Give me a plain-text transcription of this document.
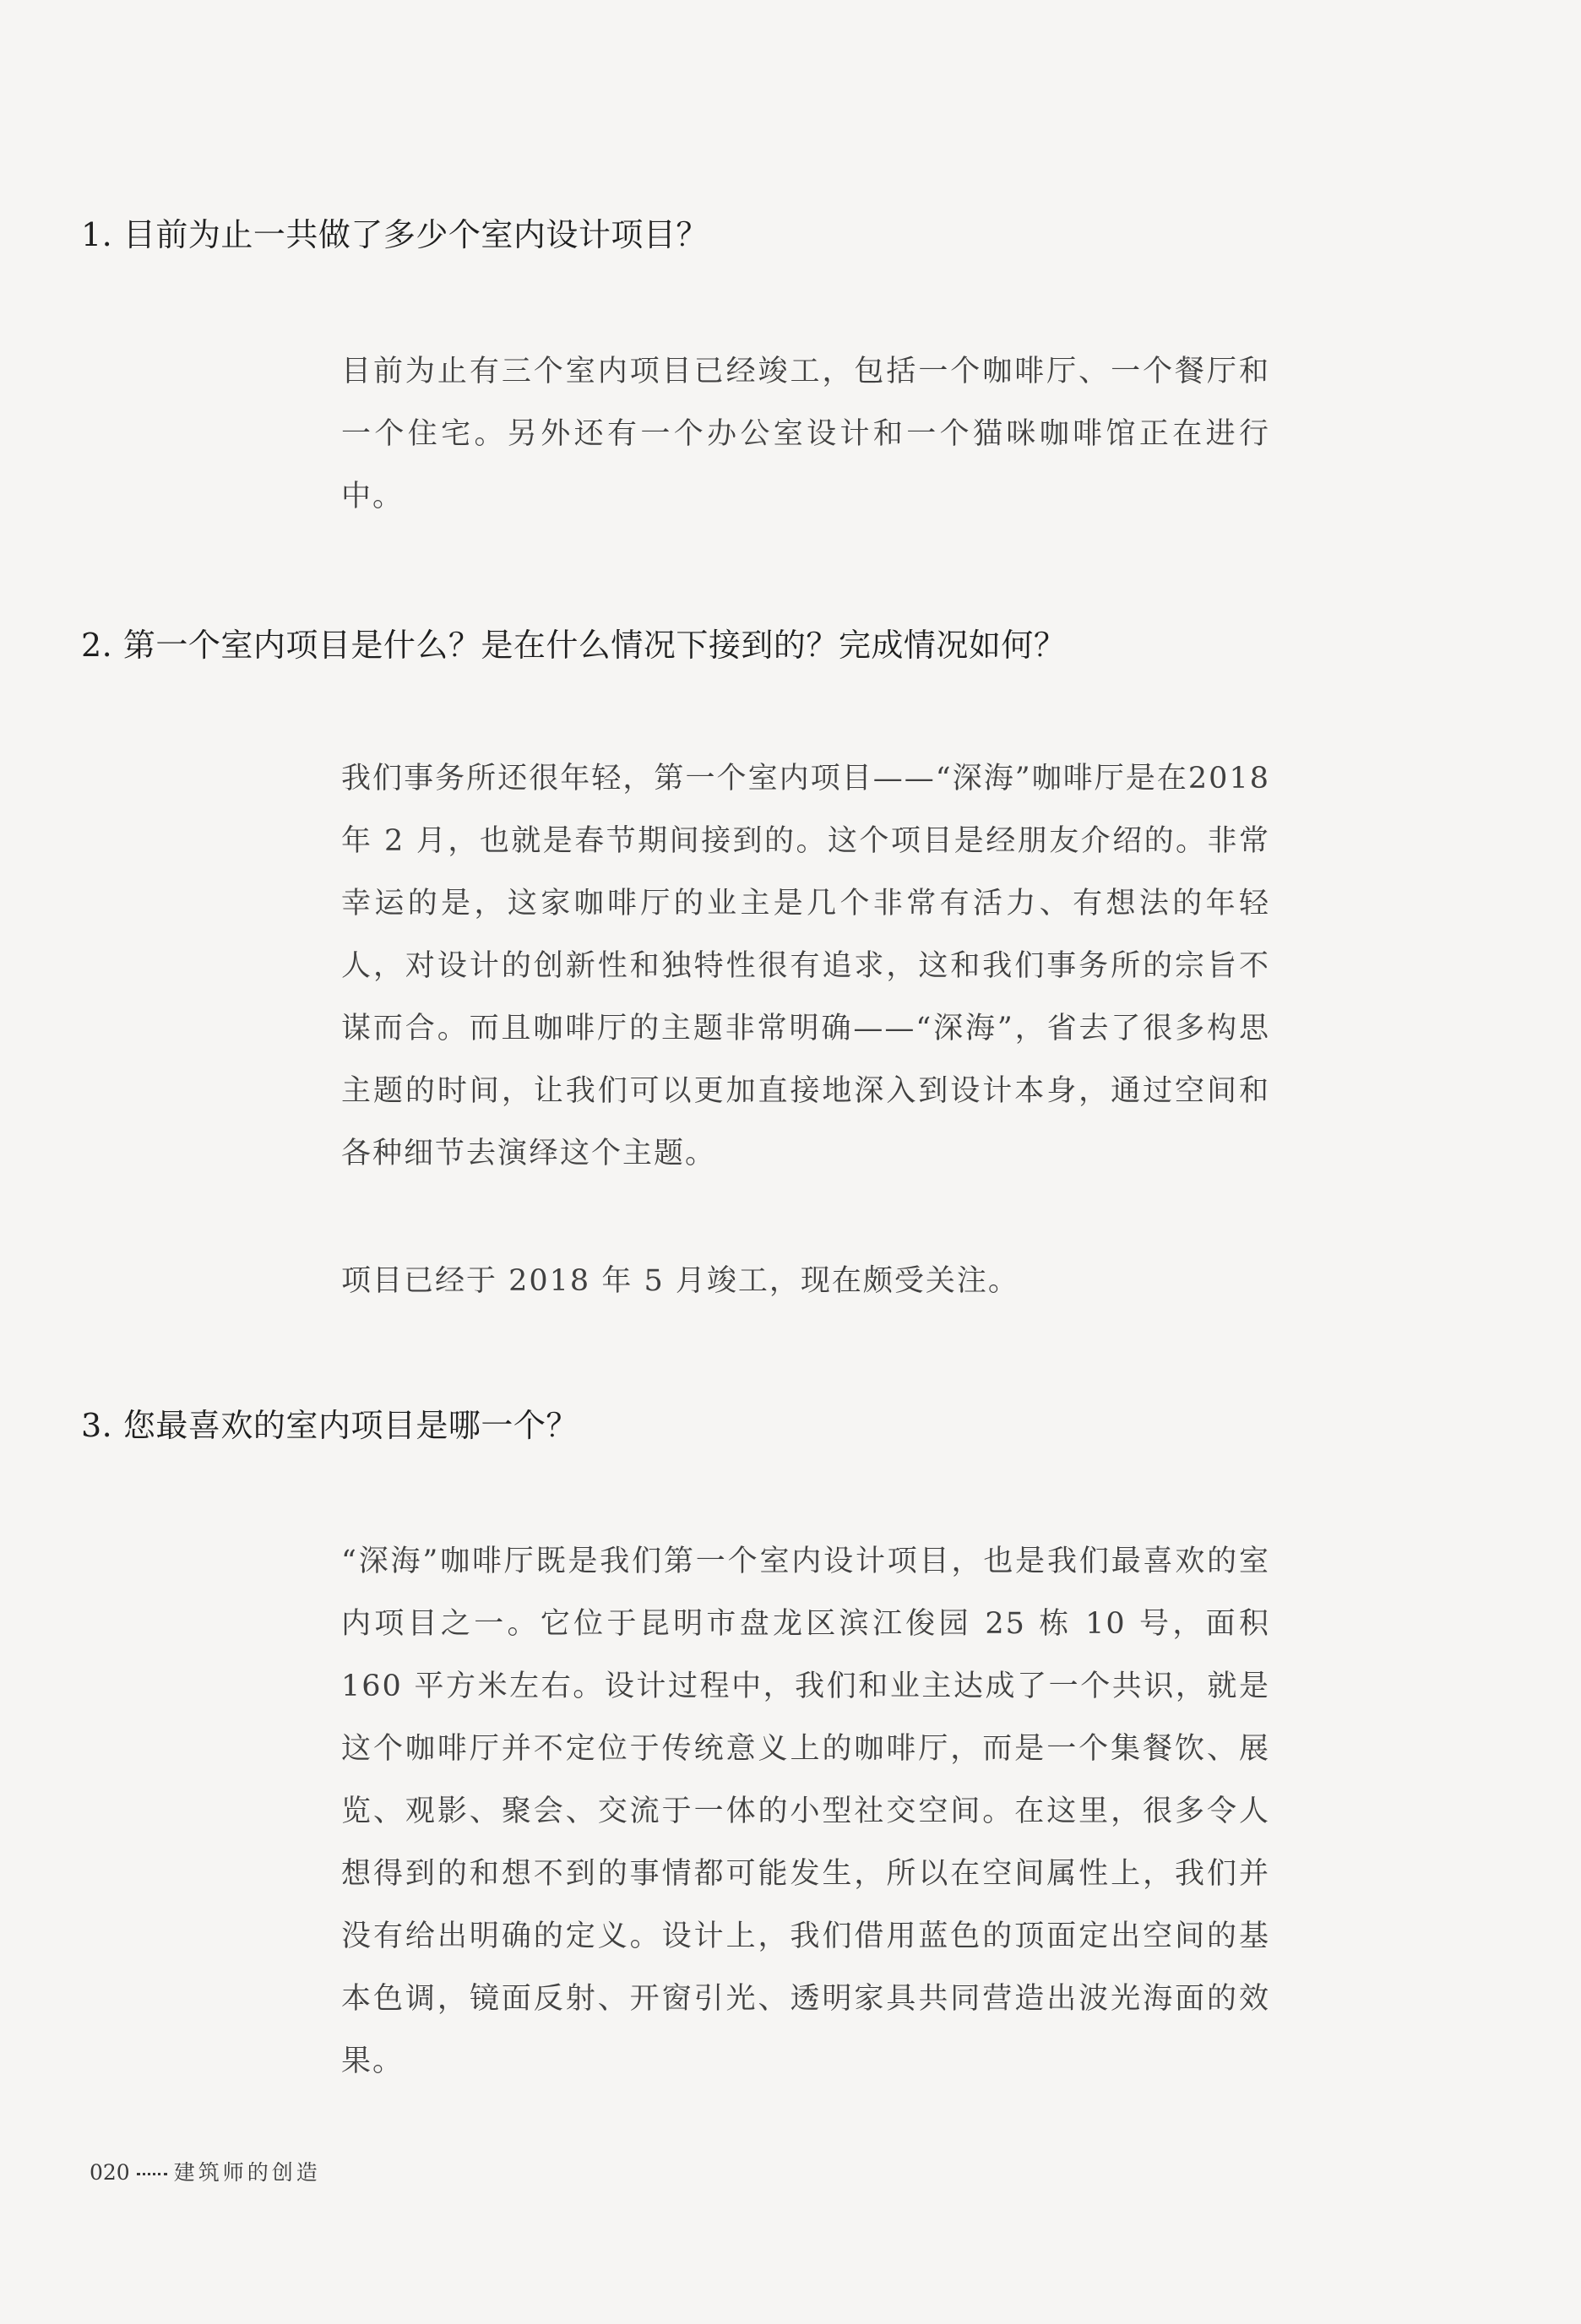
1. 目前为止一共做了多少个室内设计项目？

目前为止有三个室内项目已经竣工，包括一个咖啡厅、一个餐厅和一个住宅。另外还有一个办公室设计和一个猫咪咖啡馆正在进行中。

2. 第一个室内项目是什么？是在什么情况下接到的？完成情况如何？

我们事务所还很年轻，第一个室内项目——“深海”咖啡厅是在2018 年 2 月，也就是春节期间接到的。这个项目是经朋友介绍的。非常幸运的是，这家咖啡厅的业主是几个非常有活力、有想法的年轻人，对设计的创新性和独特性很有追求，这和我们事务所的宗旨不谋而合。而且咖啡厅的主题非常明确——“深海”，省去了很多构思主题的时间，让我们可以更加直接地深入到设计本身，通过空间和各种细节去演绎这个主题。

项目已经于 2018 年 5 月竣工，现在颇受关注。

3. 您最喜欢的室内项目是哪一个？

“深海”咖啡厅既是我们第一个室内设计项目，也是我们最喜欢的室内项目之一。它位于昆明市盘龙区滨江俊园 25 栋 10 号，面积 160 平方米左右。设计过程中，我们和业主达成了一个共识，就是这个咖啡厅并不定位于传统意义上的咖啡厅，而是一个集餐饮、展览、观影、聚会、交流于一体的小型社交空间。在这里，很多令人想得到的和想不到的事情都可能发生，所以在空间属性上，我们并没有给出明确的定义。设计上，我们借用蓝色的顶面定出空间的基本色调，镜面反射、开窗引光、透明家具共同营造出波光海面的效果。

020 建筑师的创造
